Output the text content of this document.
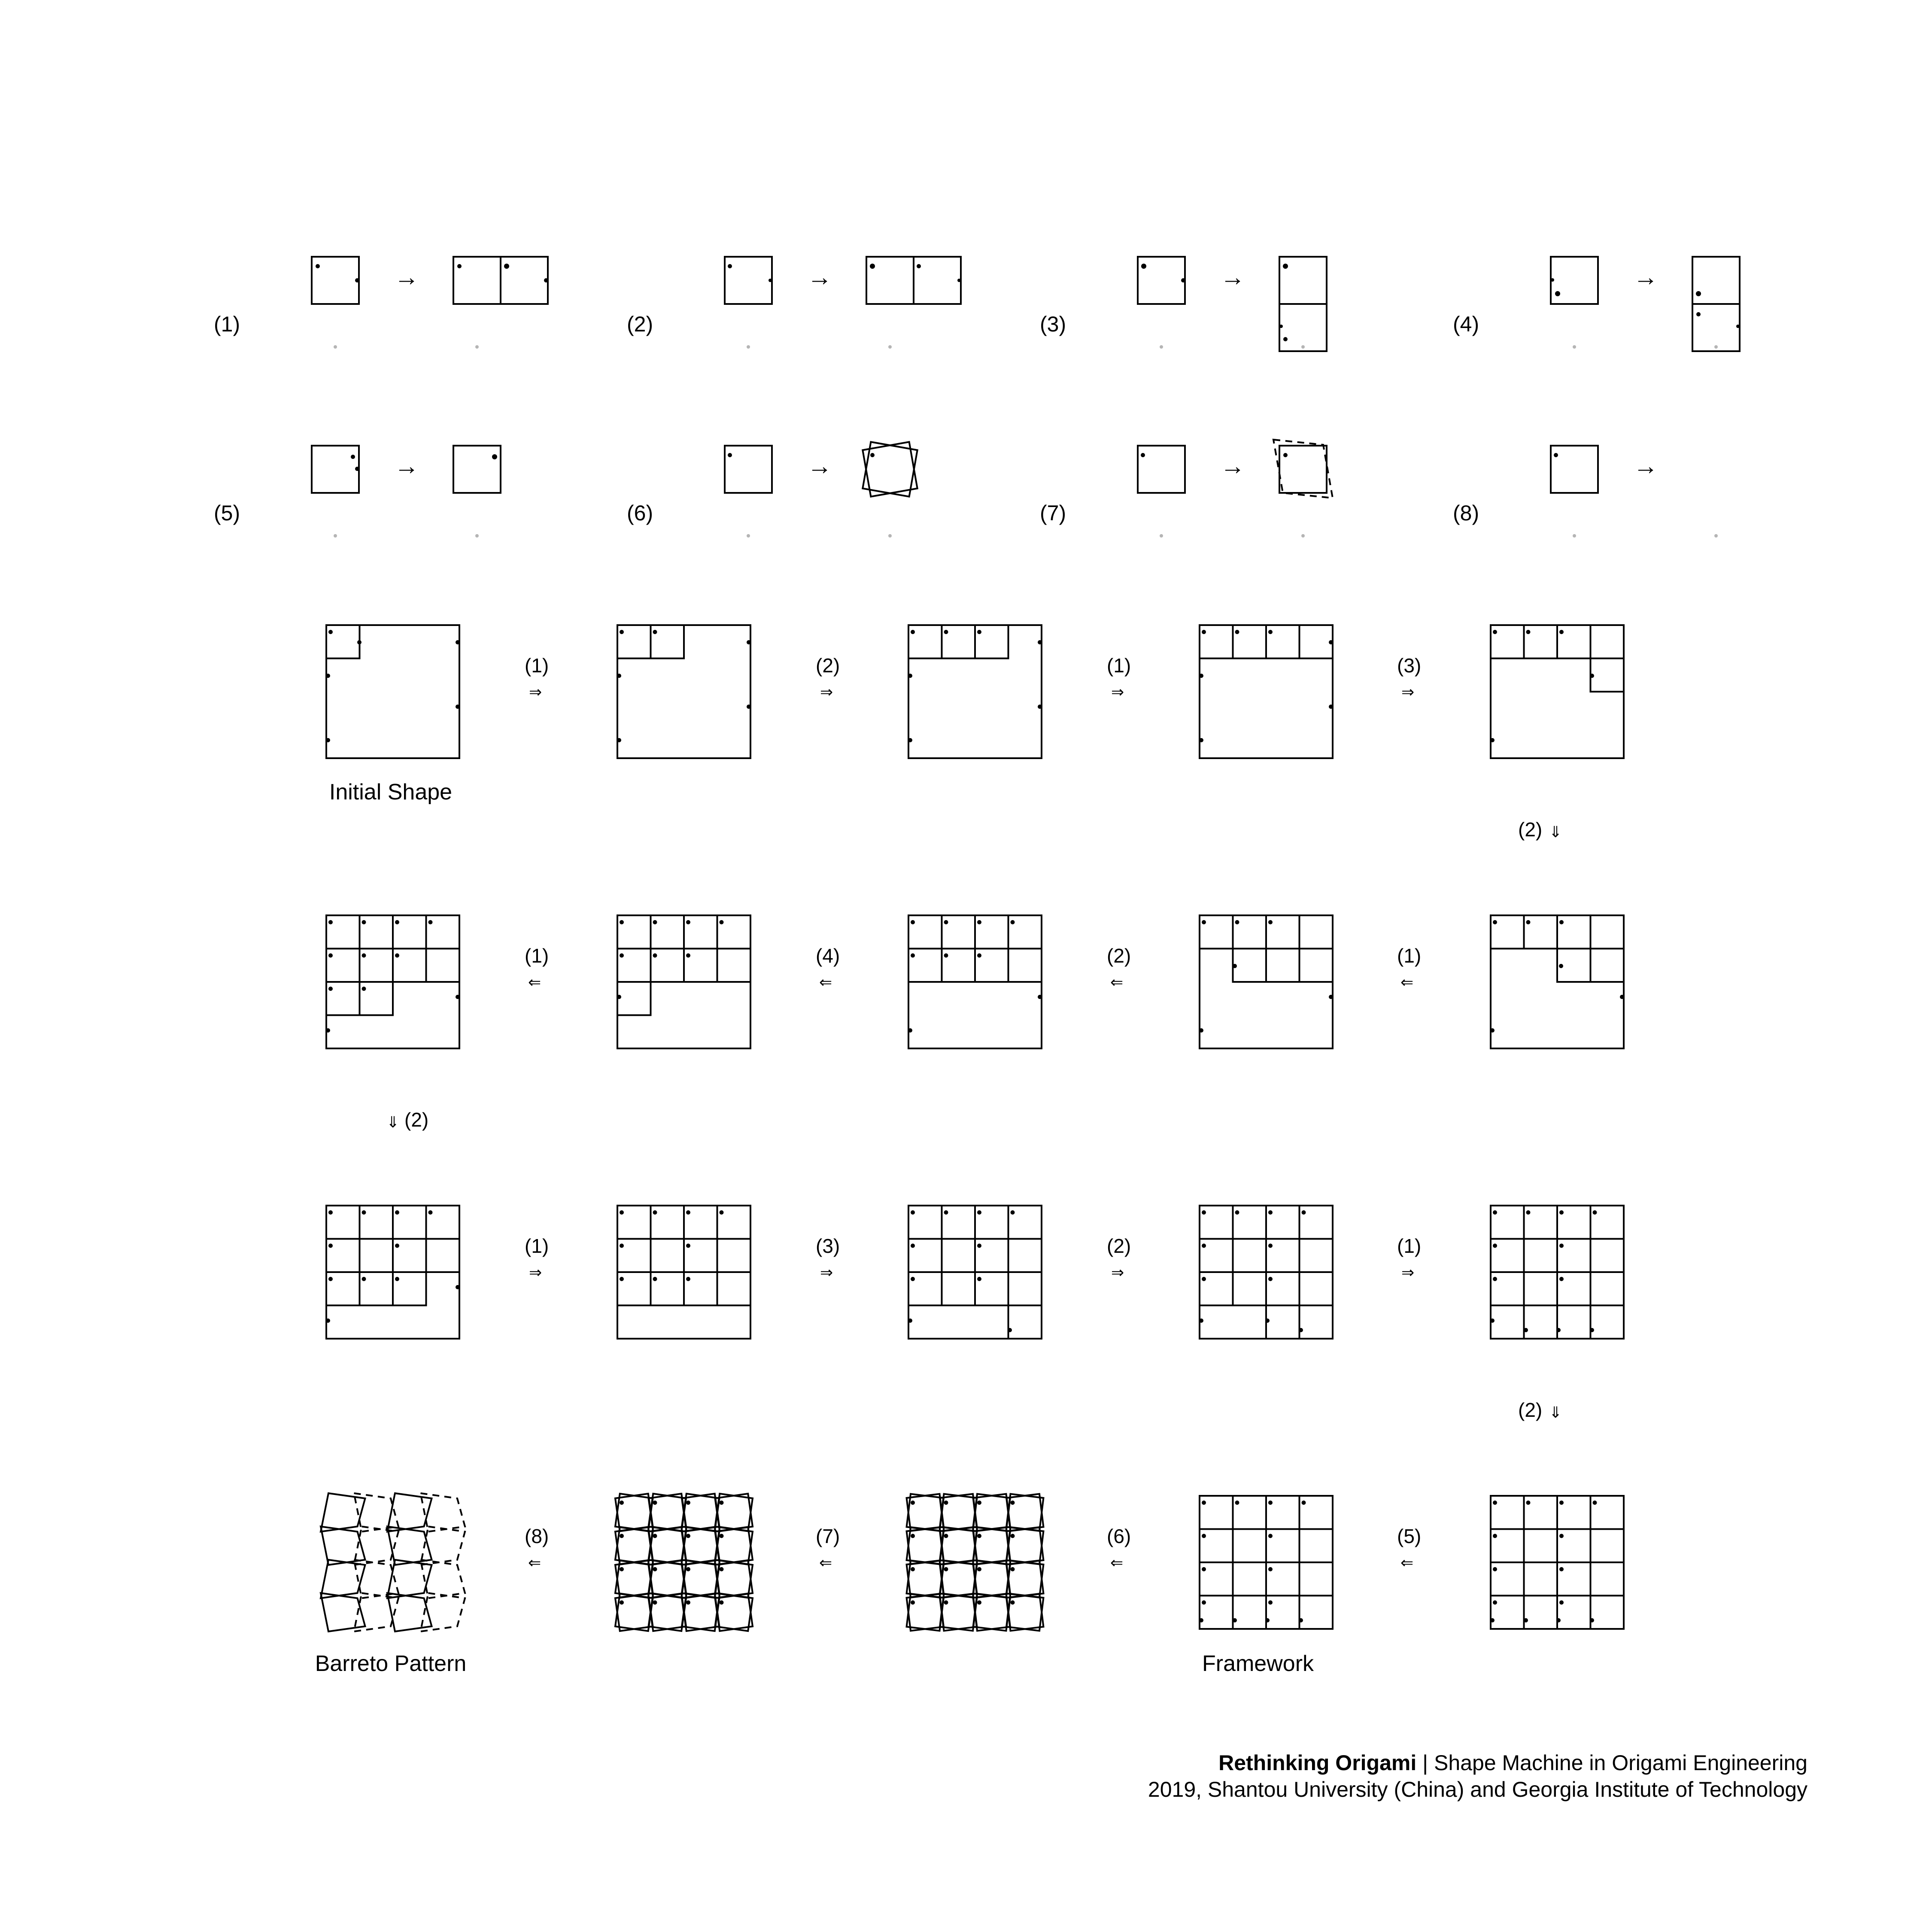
(1)
→
(2)
→
(3)
→
(4)
→
(5)
→
(6)
→
(7)
→
(8)
→
(1)
⇒
(2)
⇒
(1)
⇒
(3)
⇒
(2) ⇓
(1)
⇐
(4)
⇐
(2)
⇐
(1)
⇐
⇓ (2)
(1)
⇒
(3)
⇒
(2)
⇒
(1)
⇒
(2) ⇓
(8)
⇐
(7)
⇐
(6)
⇐
(5)
⇐
Initial Shape
Framework
Barreto Pattern
Rethinking Origami | Shape Machine in Origami Engineering
2019, Shantou University (China) and Georgia Institute of Technology
